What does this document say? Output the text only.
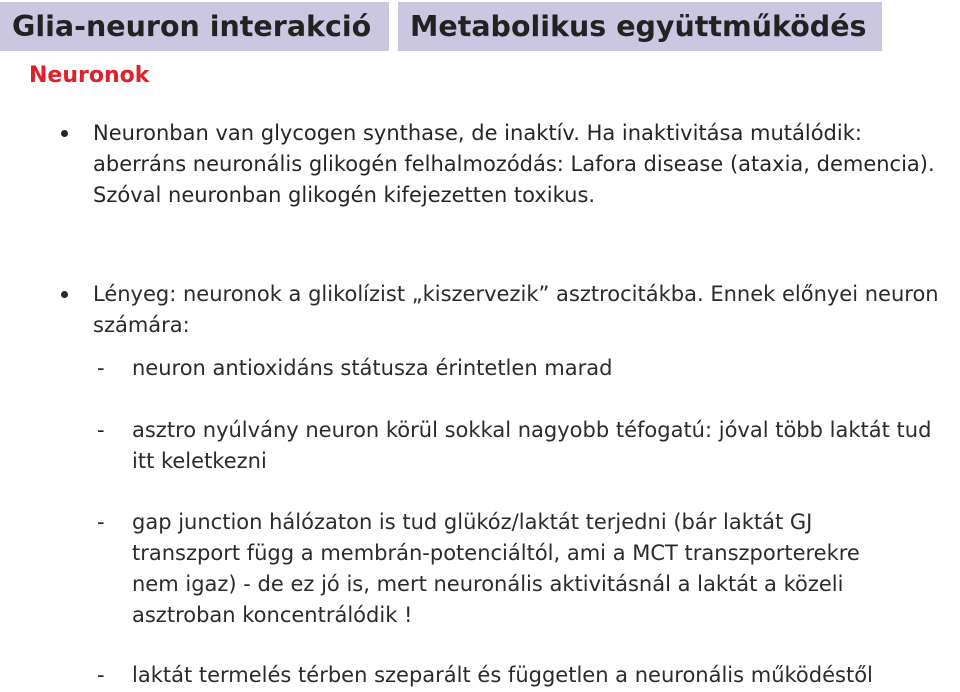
Glia-neuron interakció Metabolikus együttműködés
Neuronok
Neuronban van glycogen synthase, de inaktív. Ha inaktivitása mutálódik: aberráns neuronális glikogén felhalmozódás: Lafora disease (ataxia, demencia). Szóval neuronban glikogén kifejezetten toxikus.
Lényeg: neuronok a glikolízist „kiszervezik” asztrocitákba. Ennek előnyei neuron számára:
- neuron antioxidáns státusza érintetlen marad
- asztro nyúlvány neuron körül sokkal nagyobb téfogatú: jóval több laktát tud itt keletkezni
- gap junction hálózaton is tud glükóz/laktát terjedni (bár laktát GJ transzport függ a membrán-potenciáltól, ami a MCT transzporterekre nem igaz) - de ez jó is, mert neuronális aktivitásnál a laktát a közeli asztroban koncentrálódik !
- laktát termelés térben szeparált és független a neuronális működéstől
